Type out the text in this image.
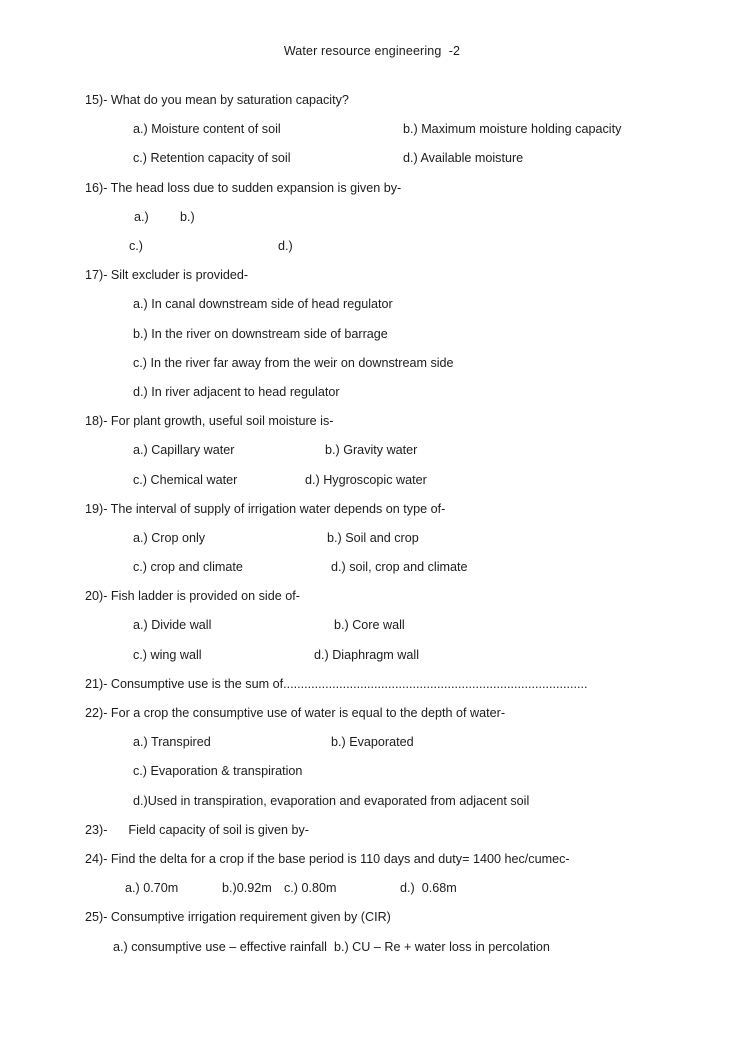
Water resource engineering  -2
15)- What do you mean by saturation capacity?
a.) Moisture content of soil	b.) Maximum moisture holding capacity
c.) Retention capacity of soil	d.) Available moisture
16)- The head loss due to sudden expansion is given by-
a.) b.)
c.)	d.)
17)- Silt excluder is provided-
a.) In canal downstream side of head regulator
b.) In the river on downstream side of barrage
c.) In the river far away from the weir on downstream side
d.) In river adjacent to head regulator
18)- For plant growth, useful soil moisture is-
a.) Capillary water	b.) Gravity water
c.) Chemical water	d.) Hygroscopic water
19)- The interval of supply of irrigation water depends on type of-
a.) Crop only	b.) Soil and crop
c.) crop and climate	d.) soil, crop and climate
20)- Fish ladder is provided on side of-
a.) Divide wall	b.) Core wall
c.) wing wall	d.) Diaphragm wall
21)- Consumptive use is the sum of.......................................................................................
22)- For a crop the consumptive use of water is equal to the depth of water-
a.) Transpired	b.) Evaporated
c.) Evaporation & transpiration
d.)Used in transpiration, evaporation and evaporated from adjacent soil
23)-      Field capacity of soil is given by-
24)- Find the delta for a crop if the base period is 110 days and duty= 1400 hec/cumec-
a.) 0.70m	b.)0.92m c.) 0.80m	d.)  0.68m
25)- Consumptive irrigation requirement given by (CIR)
a.) consumptive use – effective rainfall  b.) CU – Re + water loss in percolation
